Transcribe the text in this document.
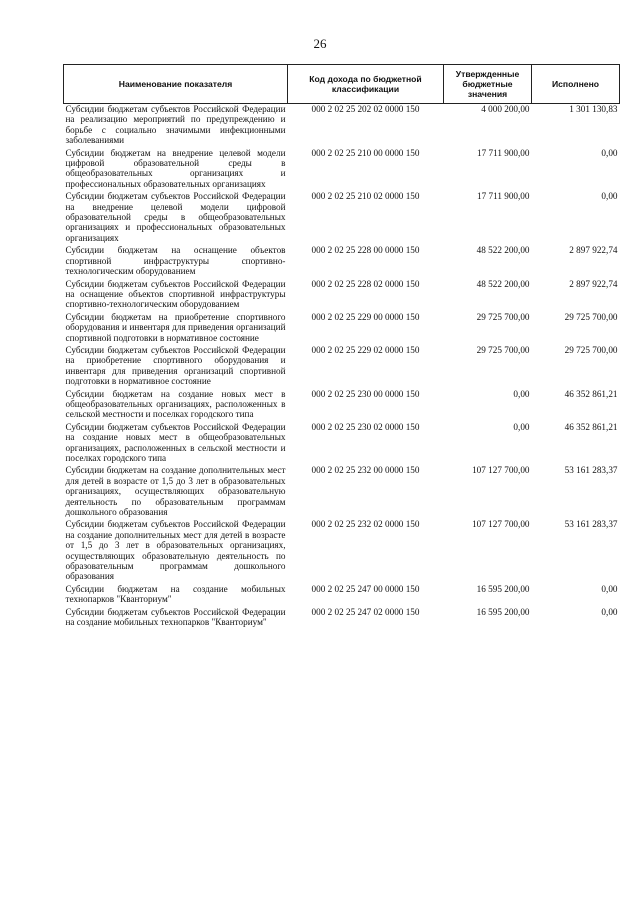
26
Наименование показателя	Код дохода по бюджетной классификации	Утвержденные бюджетные значения	Исполнено
Субсидии бюджетам субъектов Российской Федерации на реализацию мероприятий по предупреждению и борьбе с социально значимыми инфекционными заболеваниями	000 2 02 25 202 02 0000 150	4 000 200,00	1 301 130,83
Субсидии бюджетам на внедрение целевой модели цифровой образовательной среды в общеобразовательных организациях и профессиональных образовательных организациях	000 2 02 25 210 00 0000 150	17 711 900,00	0,00
Субсидии бюджетам субъектов Российской Федерации на внедрение целевой модели цифровой образовательной среды в общеобразовательных организациях и профессиональных образовательных организациях	000 2 02 25 210 02 0000 150	17 711 900,00	0,00
Субсидии бюджетам на оснащение объектов спортивной инфраструктуры спортивно-технологическим оборудованием	000 2 02 25 228 00 0000 150	48 522 200,00	2 897 922,74
Субсидии бюджетам субъектов Российской Федерации на оснащение объектов спортивной инфраструктуры спортивно-технологическим оборудованием	000 2 02 25 228 02 0000 150	48 522 200,00	2 897 922,74
Субсидии бюджетам на приобретение спортивного оборудования и инвентаря для приведения организаций спортивной подготовки в нормативное состояние	000 2 02 25 229 00 0000 150	29 725 700,00	29 725 700,00
Субсидии бюджетам субъектов Российской Федерации на приобретение спортивного оборудования и инвентаря для приведения организаций спортивной подготовки в нормативное состояние	000 2 02 25 229 02 0000 150	29 725 700,00	29 725 700,00
Субсидии бюджетам на создание новых мест в общеобразовательных организациях, расположенных в сельской местности и поселках городского типа	000 2 02 25 230 00 0000 150	0,00	46 352 861,21
Субсидии бюджетам субъектов Российской Федерации на создание новых мест в общеобразовательных организациях, расположенных в сельской местности и поселках городского типа	000 2 02 25 230 02 0000 150	0,00	46 352 861,21
Субсидии бюджетам на создание дополнительных мест для детей в возрасте от 1,5 до 3 лет в образовательных организациях, осуществляющих образовательную деятельность по образовательным программам дошкольного образования	000 2 02 25 232 00 0000 150	107 127 700,00	53 161 283,37
Субсидии бюджетам субъектов Российской Федерации на создание дополнительных мест для детей в возрасте от 1,5 до 3 лет в образовательных организациях, осуществляющих образовательную деятельность по образовательным программам дошкольного образования	000 2 02 25 232 02 0000 150	107 127 700,00	53 161 283,37
Субсидии бюджетам на создание мобильных технопарков "Кванториум"	000 2 02 25 247 00 0000 150	16 595 200,00	0,00
Субсидии бюджетам субъектов Российской Федерации на создание мобильных технопарков "Кванториум"	000 2 02 25 247 02 0000 150	16 595 200,00	0,00
